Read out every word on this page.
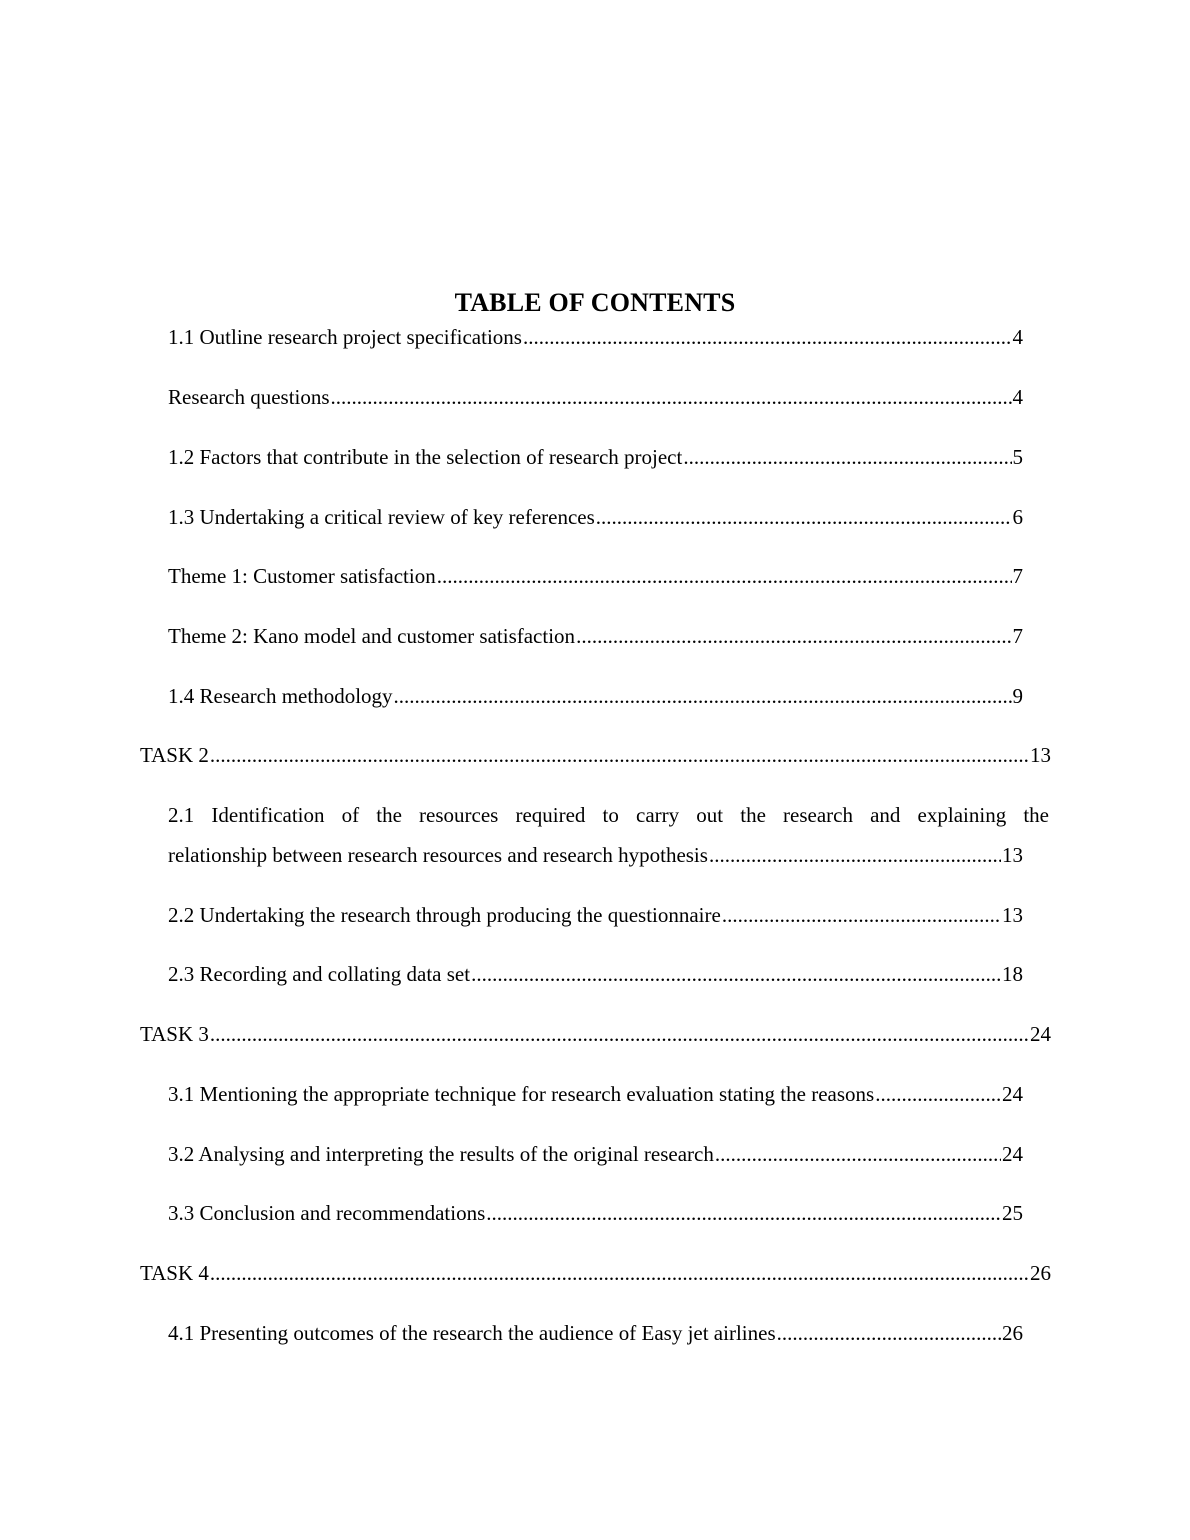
TABLE OF CONTENTS
1.1 Outline research project specifications .....	4
Research questions .....	4
1.2 Factors that contribute in the selection of research project .....	5
1.3 Undertaking a critical review of key references .....	6
Theme 1: Customer satisfaction .....	7
Theme 2: Kano model and customer satisfaction .....	7
1.4 Research methodology .....	9
TASK 2 .....	13
2.1 Identification of the resources required to carry out the research and explaining the
relationship between research resources and research hypothesis .....	13
2.2 Undertaking the research through producing the questionnaire .....	13
2.3 Recording and collating data set .....	18
TASK 3 .....	24
3.1 Mentioning the appropriate technique for research evaluation stating the reasons .....	24
3.2 Analysing and interpreting the results of the original research .....	24
3.3 Conclusion and recommendations .....	25
TASK 4 .....	26
4.1 Presenting outcomes of the research the audience of Easy jet airlines .....	26
